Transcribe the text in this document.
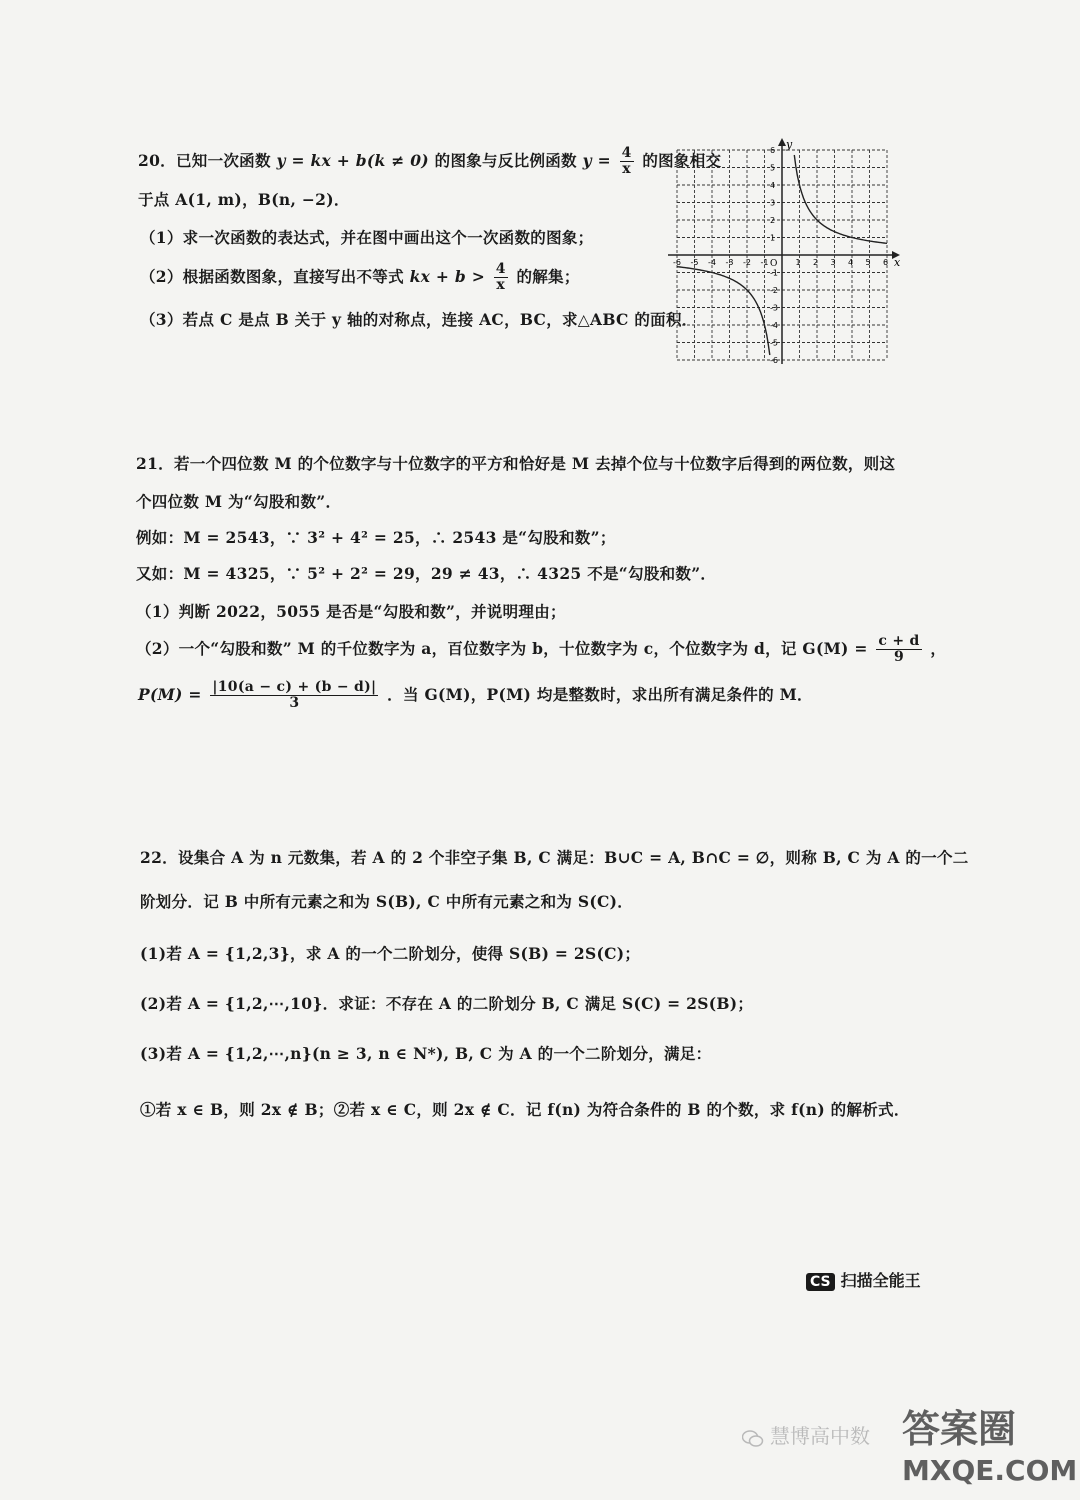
20．已知一次函数 y = kx + b(k ≠ 0) 的图象与反比例函数 $y = \frac{4}{x}$ 的图象相交
于点 A(1, m)，B(n, −2)．
（1）求一次函数的表达式，并在图中画出这个一次函数的图象；
（2）根据函数图象，直接写出不等式 kx + $b > \frac{4}{x}$ 的解集；
（3）若点 C 是点 B 关于 y 轴的对称点，连接 AC，BC，求△ABC 的面积．
x
y
O
-6 -5 -4 -3 -2 -1	1 2 3 4 5 6
6
5
4
3
2
1
-1
-2
-3
-4
-5
-6
21．若一个四位数 M 的个位数字与十位数字的平方和恰好是 M 去掉个位与十位数字后得到的两位数，则这
个四位数 M 为“勾股和数”．
例如：M = 2543，∵ 3² + 4² = 25，∴ 2543 是“勾股和数”；
又如：M = 4325，∵ 5² + 2² = 29，29 ≠ 43，∴ 4325 不是“勾股和数”．
（1）判断 2022，5055 是否是“勾股和数”，并说明理由；
（2）一个“勾股和数” M 的千位数字为 a，百位数字为 b，十位数字为 c，个位数字为 d，记 $G(M) = \frac{c + d}{9}$ ，
$P(M) = \frac{|10(a - c) + (b - d)|}{3}$ ．当 G(M)，P(M) 均是整数时，求出所有满足条件的 M．
22．设集合 A 为 n 元数集，若 A 的 2 个非空子集 B, C 满足：B∪C = A, B∩C = ∅，则称 B, C 为 A 的一个二
阶划分．记 B 中所有元素之和为 S(B), C 中所有元素之和为 S(C)．
(1)若 A = {1,2,3}，求 A 的一个二阶划分，使得 S(B) = 2S(C)；
(2)若 A = {1,2,⋯,10}．求证：不存在 A 的二阶划分 B, C 满足 S(C) = 2S(B)；
(3)若 A = {1,2,⋯,n}(n ≥ 3, n ∈ N*), B, C 为 A 的一个二阶划分，满足：
①若 x ∈ B，则 2x ∉ B；②若 x ∈ C，则 2x ∉ C．记 f(n) 为符合条件的 B 的个数，求 f(n) 的解析式．
CS 扫描全能王
慧博高中数 答案圈
MXQE.COM
